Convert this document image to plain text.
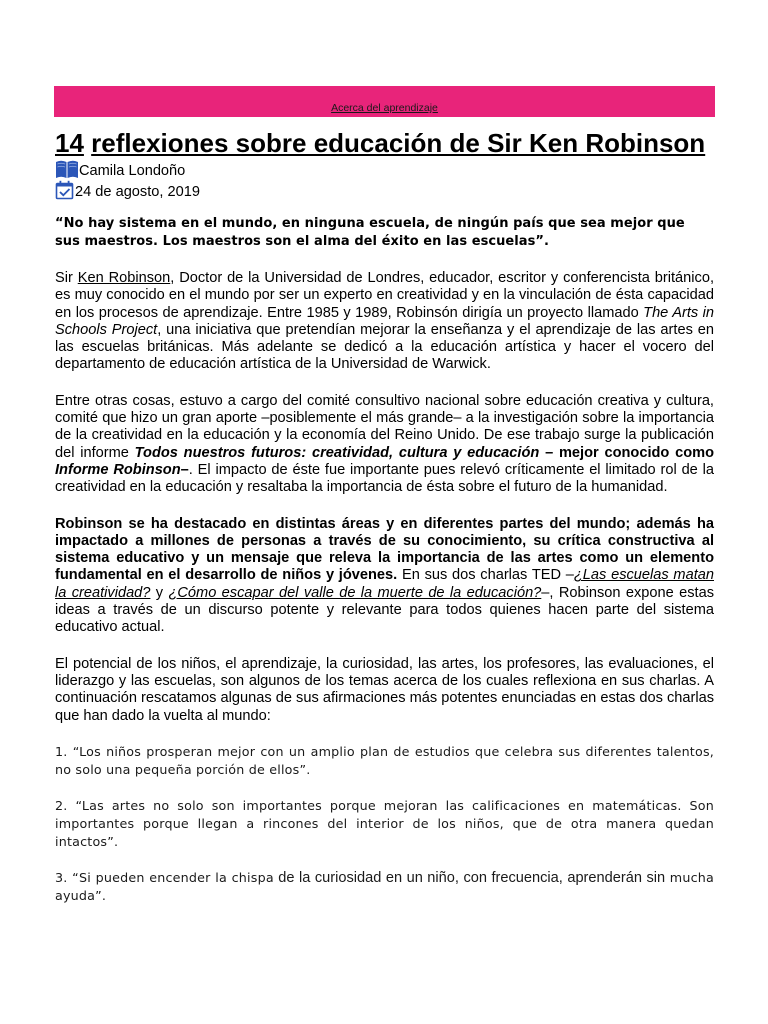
Acerca del aprendizaje
14 reflexiones sobre educación de Sir Ken Robinson
Camila Londoño
24 de agosto, 2019

“No hay sistema en el mundo, en ninguna escuela, de ningún país que sea mejor que sus maestros. Los maestros son el alma del éxito en las escuelas”.

Sir Ken Robinson, Doctor de la Universidad de Londres, educador, escritor y conferencista británico, es muy conocido en el mundo por ser un experto en creatividad y en la vinculación de ésta capacidad en los procesos de aprendizaje. Entre 1985 y 1989, Robinsón dirigía un proyecto llamado The Arts in Schools Project, una iniciativa que pretendían mejorar la enseñanza y el aprendizaje de las artes en las escuelas británicas. Más adelante se dedicó a la educación artística y hacer el vocero del departamento de educación artística de la Universidad de Warwick.

Entre otras cosas, estuvo a cargo del comité consultivo nacional sobre educación creativa y cultura, comité que hizo un gran aporte –posiblemente el más grande– a la investigación sobre la importancia de la creatividad en la educación y la economía del Reino Unido. De ese trabajo surge la publicación del informe Todos nuestros futuros: creatividad, cultura y educación – mejor conocido como Informe Robinson–. El impacto de éste fue importante pues relevó críticamente el limitado rol de la creatividad en la educación y resaltaba la importancia de ésta sobre el futuro de la humanidad.

Robinson se ha destacado en distintas áreas y en diferentes partes del mundo; además ha impactado a millones de personas a través de su conocimiento, su crítica constructiva al sistema educativo y un mensaje que releva la importancia de las artes como un elemento fundamental en el desarrollo de niños y jóvenes. En sus dos charlas TED –¿Las escuelas matan la creatividad? y ¿Cómo escapar del valle de la muerte de la educación?–, Robinson expone estas ideas a través de un discurso potente y relevante para todos quienes hacen parte del sistema educativo actual.

El potencial de los niños, el aprendizaje, la curiosidad, las artes, los profesores, las evaluaciones, el liderazgo y las escuelas, son algunos de los temas acerca de los cuales reflexiona en sus charlas. A continuación rescatamos algunas de sus afirmaciones más potentes enunciadas en estas dos charlas que han dado la vuelta al mundo:

1. “Los niños prosperan mejor con un amplio plan de estudios que celebra sus diferentes talentos, no solo una pequeña porción de ellos”.

2. “Las artes no solo son importantes porque mejoran las calificaciones en matemáticas. Son importantes porque llegan a rincones del interior de los niños, que de otra manera quedan intactos”.

3. “Si pueden encender la chispa de la curiosidad en un niño, con frecuencia, aprenderán sin mucha ayuda”.
